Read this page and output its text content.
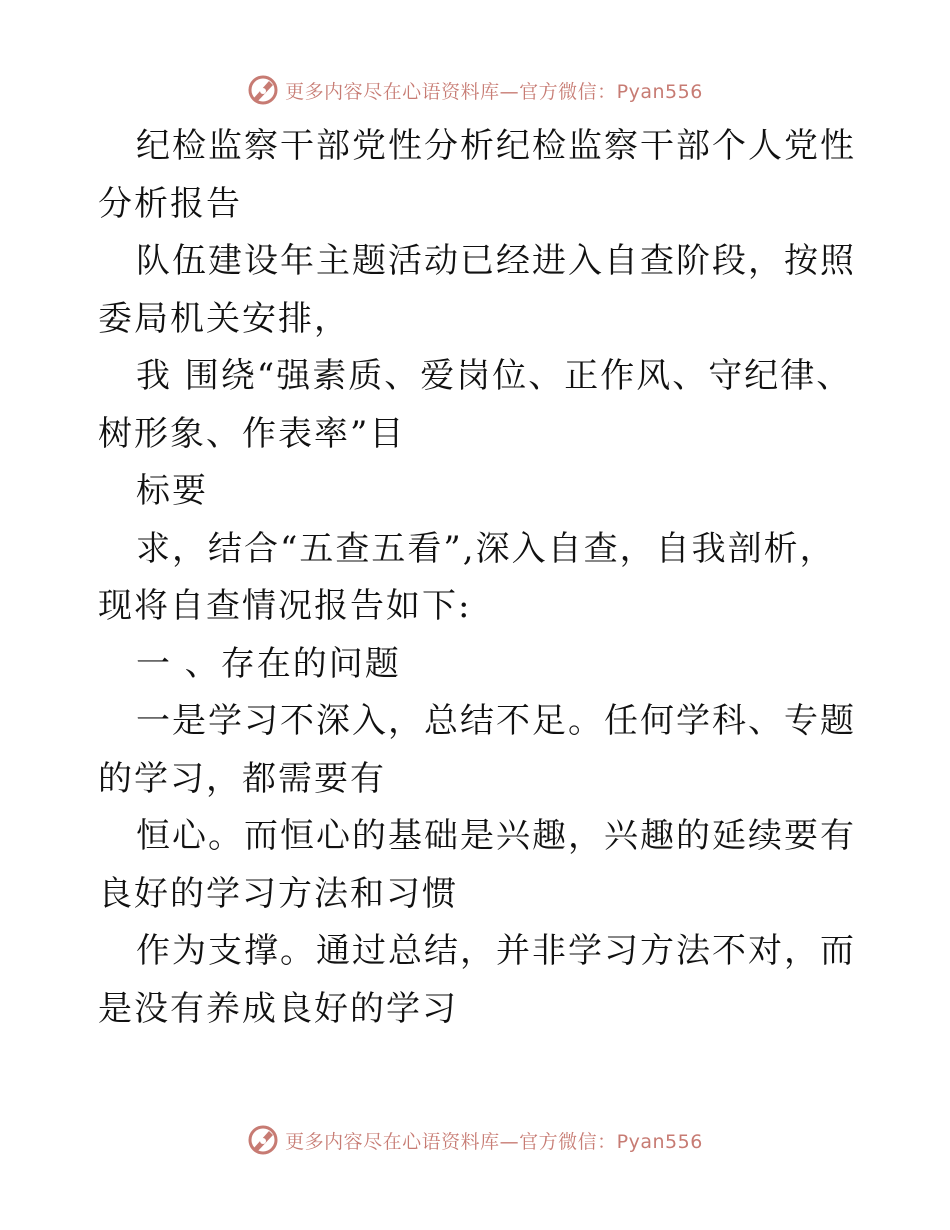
更多内容尽在心语资料库—官方微信：Pyan556

纪检监察干部党性分析纪检监察干部个人党性分析报告

队伍建设年主题活动已经进入自查阶段，按照委局机关安排，

我 围绕“强素质、爱岗位、正作风、守纪律、树形象、作表率”目

标要

求，结合“五查五看”,深入自查，自我剖析，现将自查情况报告如下:

一 、存在的问题

一是学习不深入，总结不足。任何学科、专题的学习，都需要有

恒心。而恒心的基础是兴趣，兴趣的延续要有良好的学习方法和习惯

作为支撑。通过总结，并非学习方法不对，而是没有养成良好的学习

更多内容尽在心语资料库—官方微信：Pyan556
